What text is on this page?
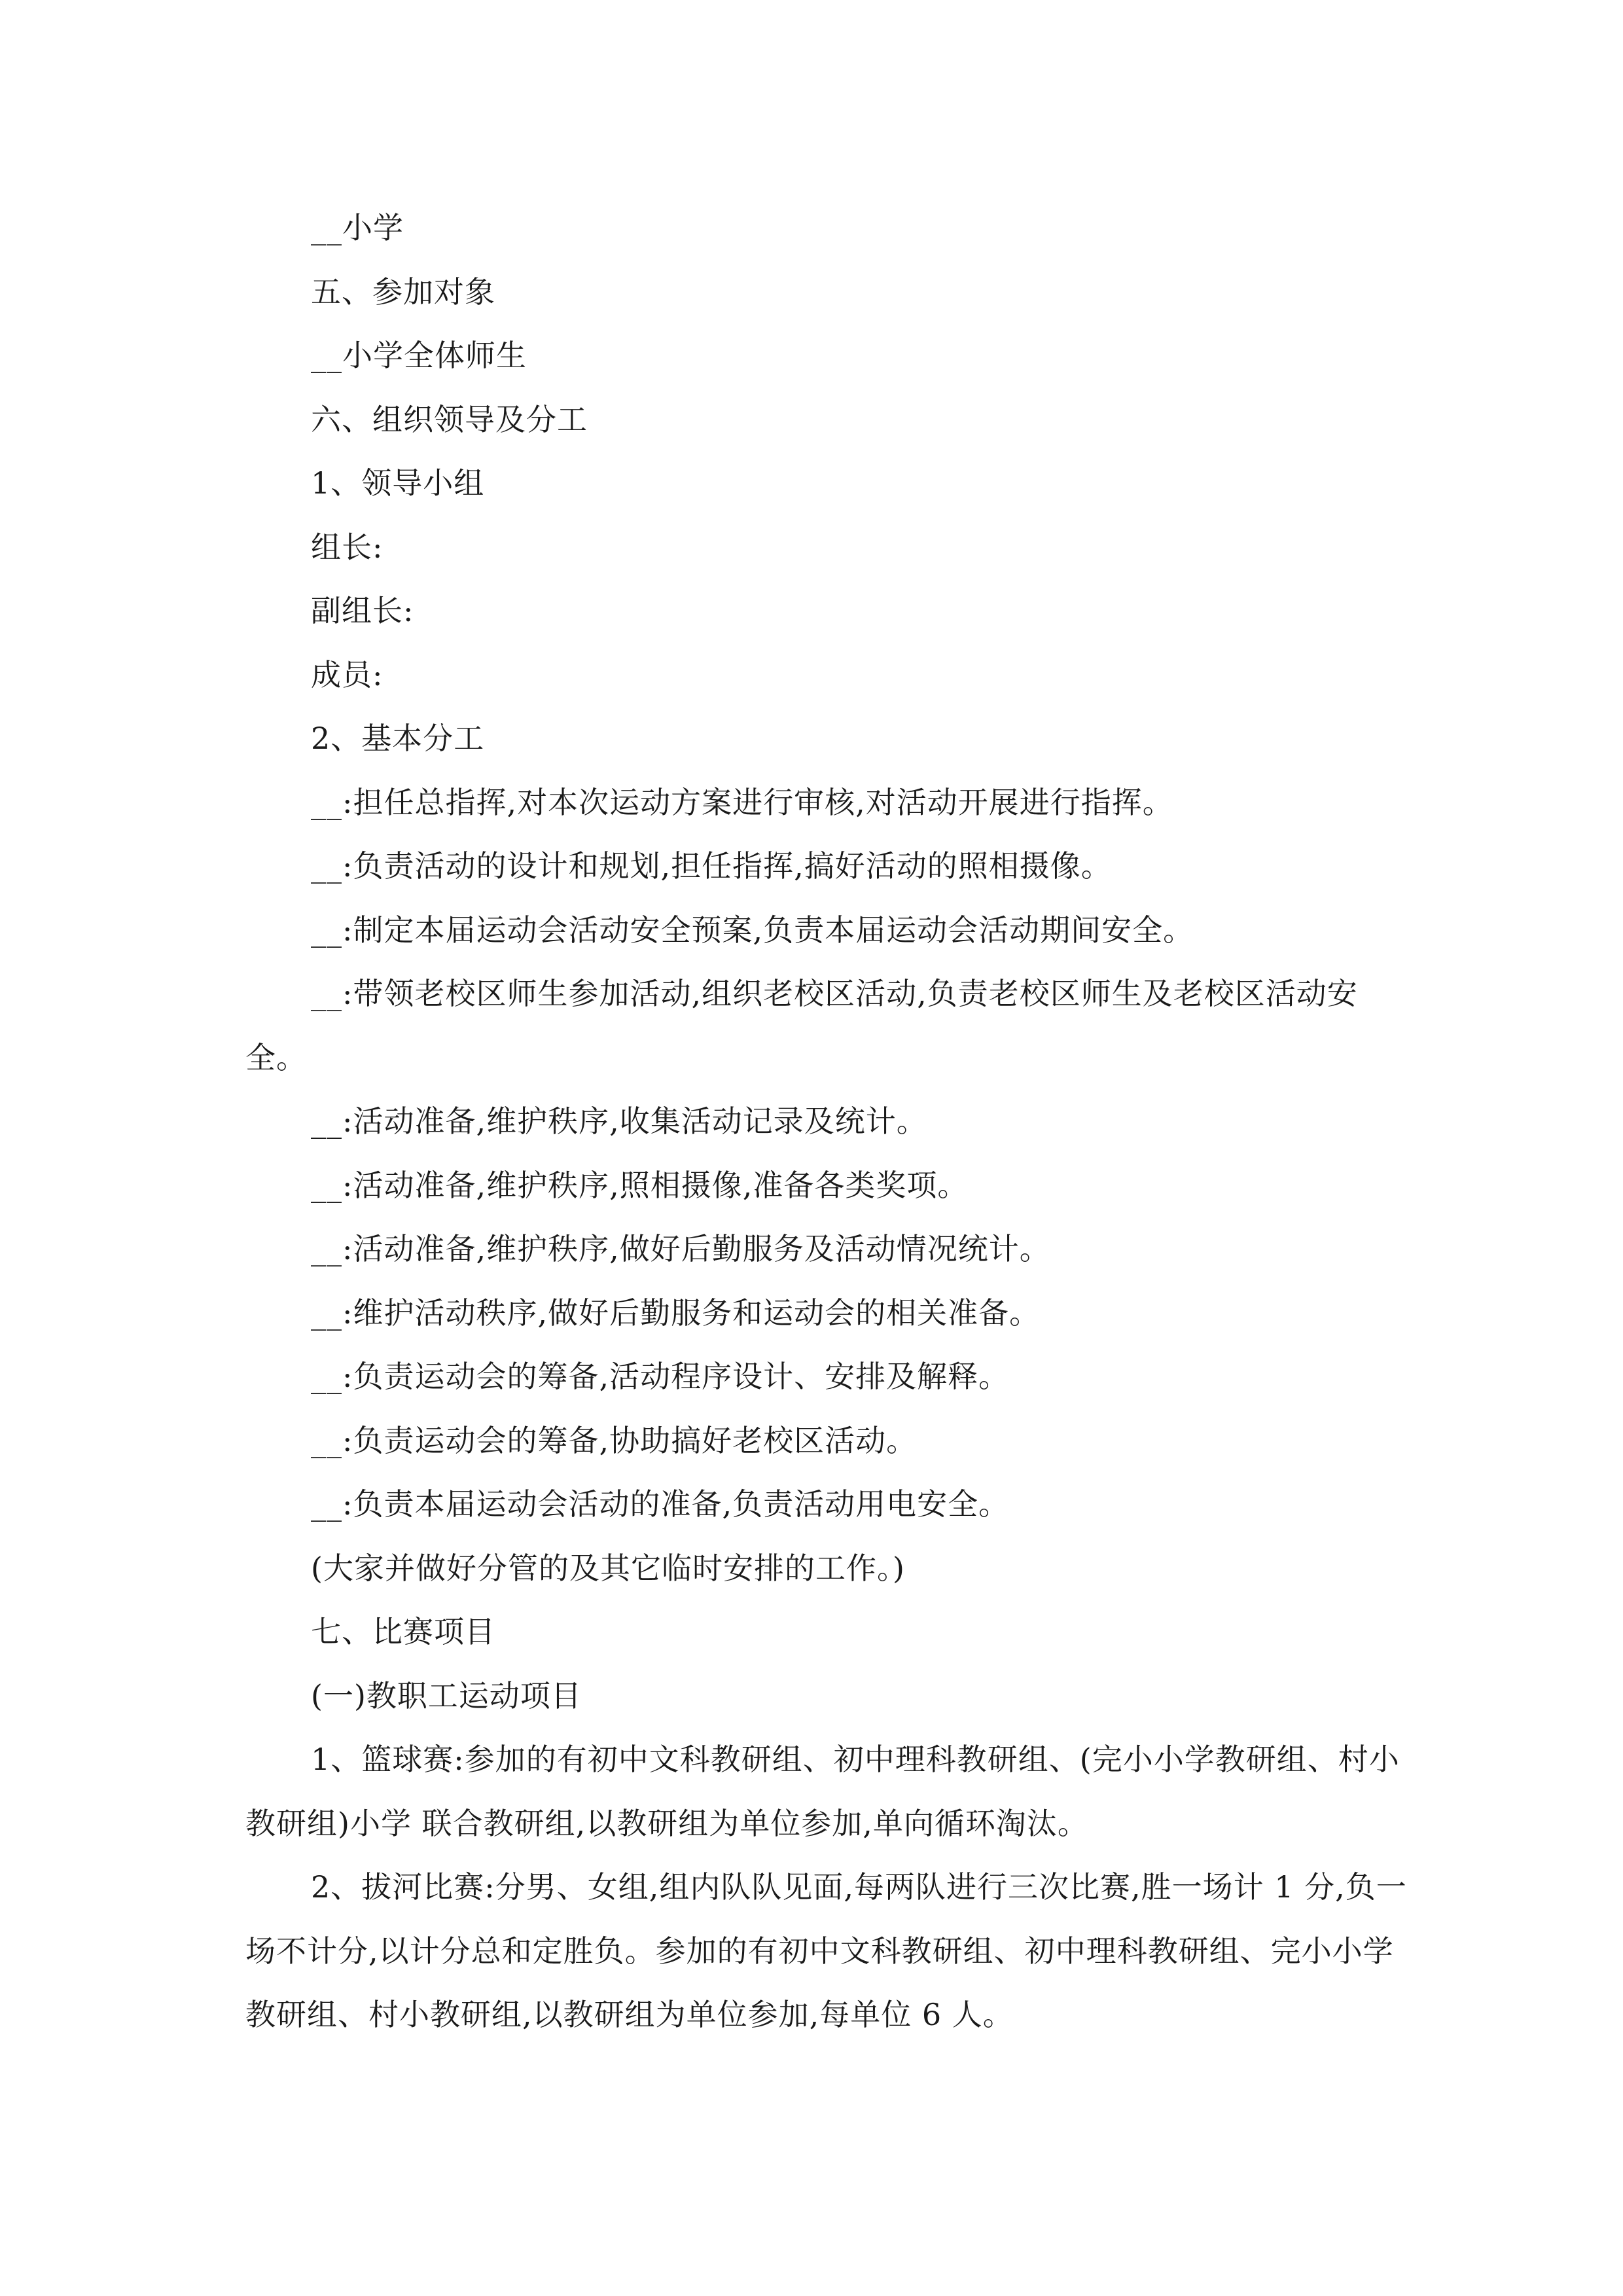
__小学

五、参加对象

__小学全体师生

六、组织领导及分工

1、领导小组

组长:

副组长:

成员:

2、基本分工

__:担任总指挥,对本次运动方案进行审核,对活动开展进行指挥。

__:负责活动的设计和规划,担任指挥,搞好活动的照相摄像。

__:制定本届运动会活动安全预案,负责本届运动会活动期间安全。

__:带领老校区师生参加活动,组织老校区活动,负责老校区师生及老校区活动安全。

__:活动准备,维护秩序,收集活动记录及统计。

__:活动准备,维护秩序,照相摄像,准备各类奖项。

__:活动准备,维护秩序,做好后勤服务及活动情况统计。

__:维护活动秩序,做好后勤服务和运动会的相关准备。

__:负责运动会的筹备,活动程序设计、安排及解释。

__:负责运动会的筹备,协助搞好老校区活动。

__:负责本届运动会活动的准备,负责活动用电安全。

(大家并做好分管的及其它临时安排的工作。)

七、比赛项目

(一)教职工运动项目

1、篮球赛:参加的有初中文科教研组、初中理科教研组、(完小小学教研组、村小教研组)小学 联合教研组,以教研组为单位参加,单向循环淘汰。

2、拔河比赛:分男、女组,组内队队见面,每两队进行三次比赛,胜一场计 1 分,负一场不计分,以计分总和定胜负。参加的有初中文科教研组、初中理科教研组、完小小学教研组、村小教研组,以教研组为单位参加,每单位 6 人。
